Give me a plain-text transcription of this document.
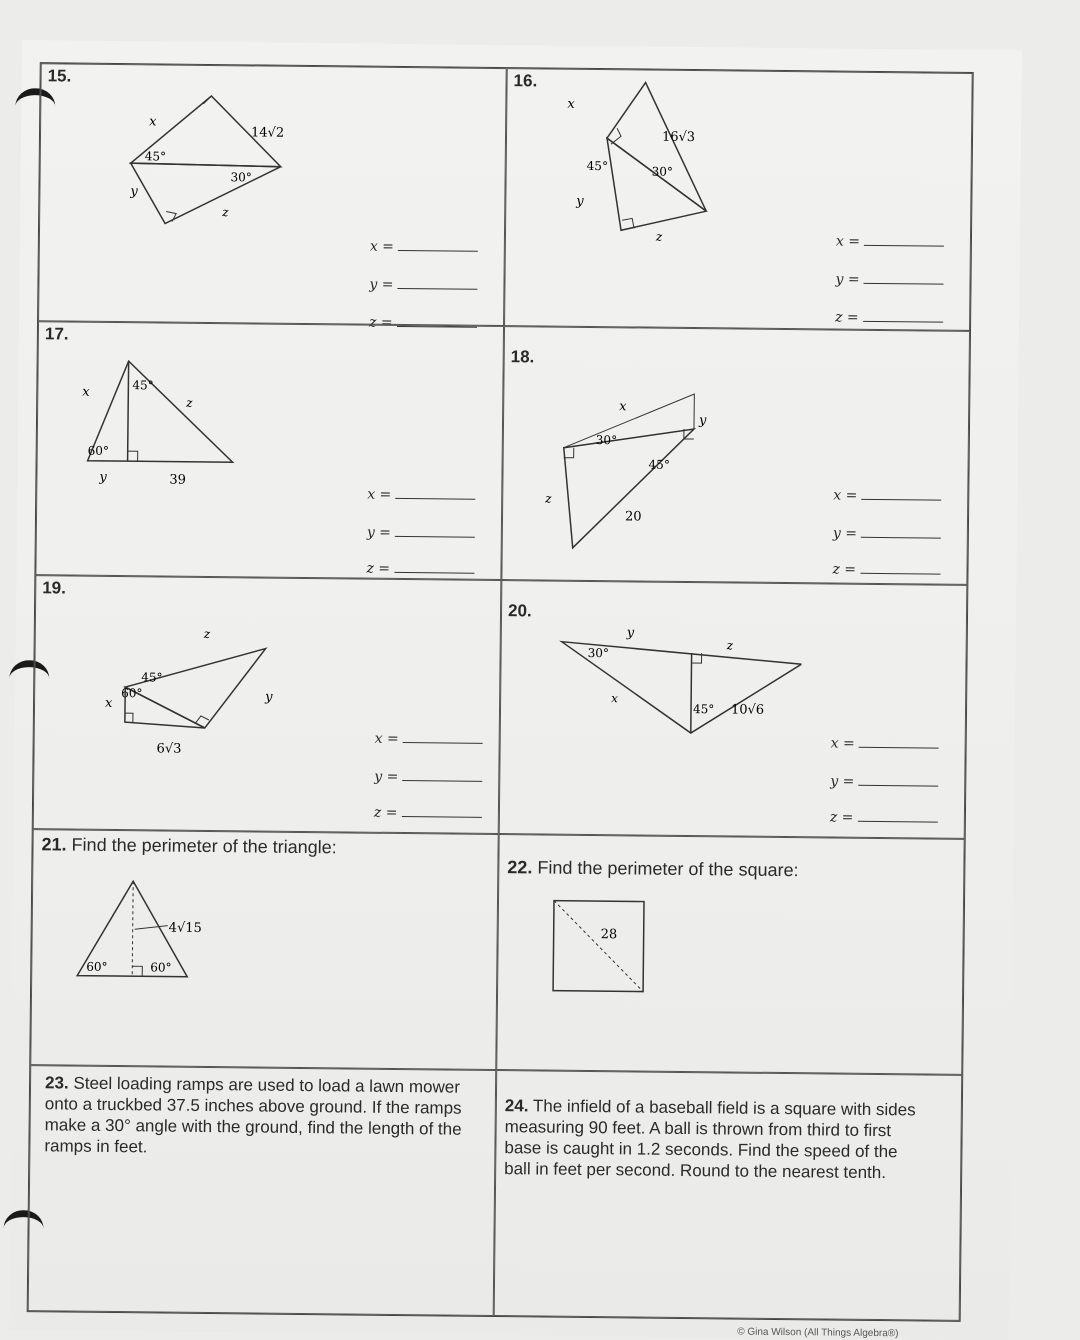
15.
x
14√2
45°
30°
y
z
x =
y =
z =
16.
x
16√3
45°	30°
y
z	x =
y =
z =
17.
x	45°
z
60°
y	39
x =
y =
z =
18.
x
30°
y
45°
z
20
x =
y =
z =
19.
z
45°
60°
x	y
6√3
x =
y =
z =
20.
y
z
30°
x
45° 10√6
x =
y =
z =
21. Find the perimeter of the triangle:
4√15
60°	60°
22. Find the perimeter of the square:
28
23. Steel loading ramps are used to load a lawn mower onto a truckbed 37.5 inches above ground. If the ramps make a 30° angle with the ground, find the length of the ramps in feet.
24. The infield of a baseball field is a square with sides measuring 90 feet. A ball is thrown from third to first base is caught in 1.2 seconds. Find the speed of the ball in feet per second. Round to the nearest tenth.
© Gina Wilson (All Things Algebra®)
